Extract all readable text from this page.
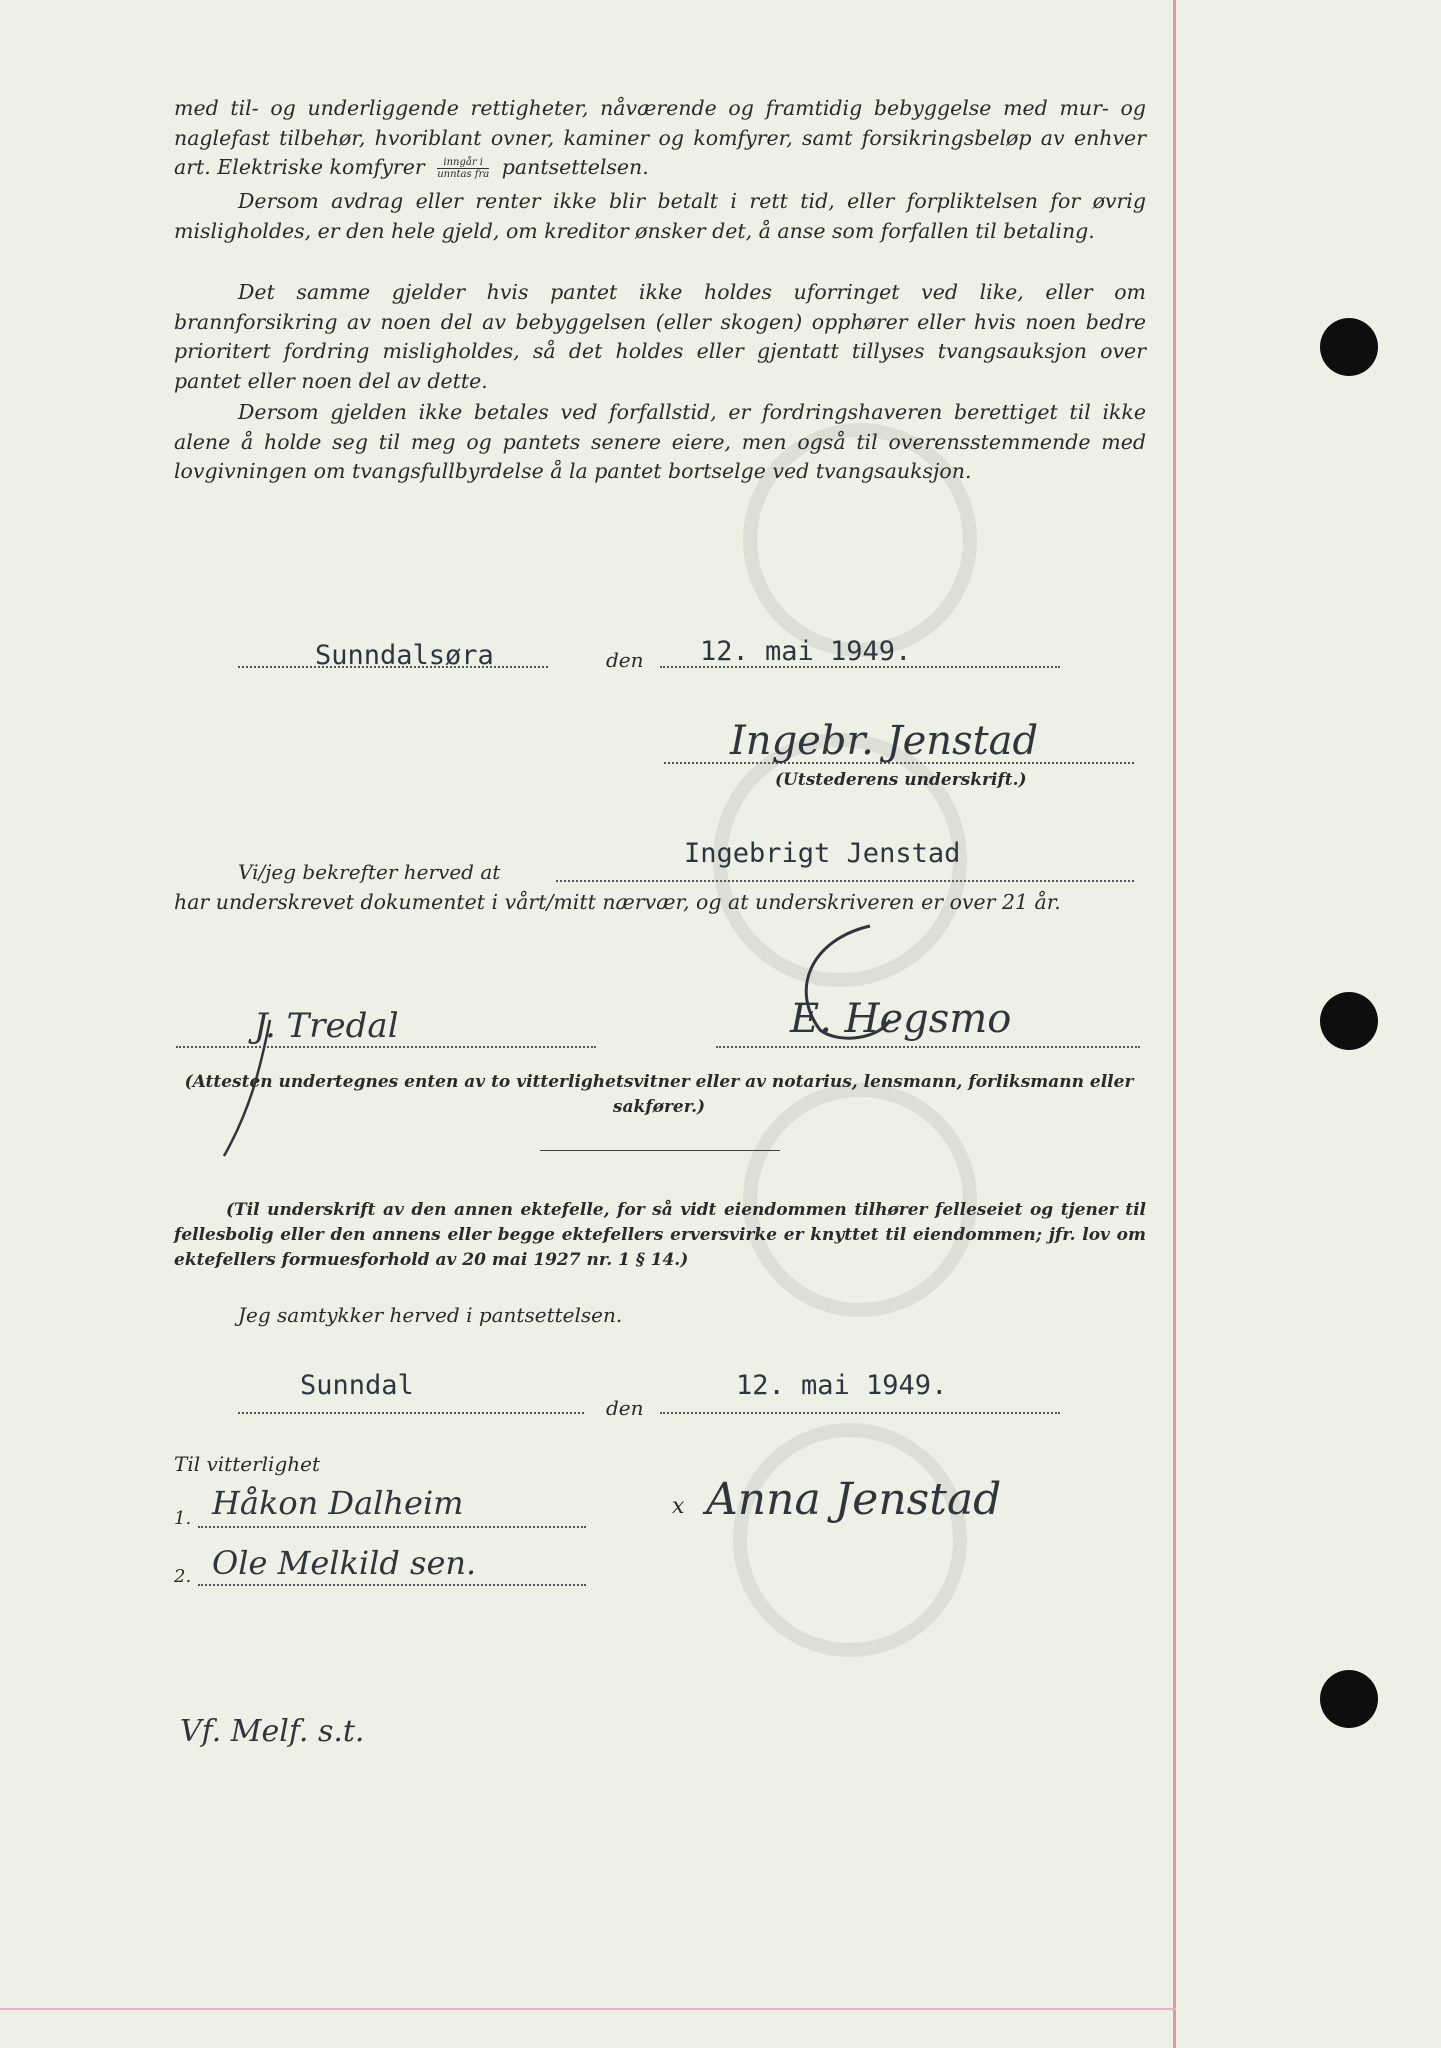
med til- og underliggende rettigheter, nåværende og framtidig bebyggelse med mur- og naglefast tilbehør, hvoriblant ovner, kaminer og komfyrer, samt forsikringsbeløp av enhver art. Elektriske komfyrer $\frac{\text{inngår i}}{\text{unntas fra}}$ pantsettelsen.

Dersom avdrag eller renter ikke blir betalt i rett tid, eller forpliktelsen for øvrig misligholdes, er den hele gjeld, om kreditor ønsker det, å anse som forfallen til betaling.

Det samme gjelder hvis pantet ikke holdes uforringet ved like, eller om brannforsikring av noen del av bebyggelsen (eller skogen) opphører eller hvis noen bedre prioritert fordring misligholdes, så det holdes eller gjentatt tillyses tvangsauksjon over pantet eller noen del av dette.

Dersom gjelden ikke betales ved forfallstid, er fordringshaveren berettiget til ikke alene å holde seg til meg og pantets senere eiere, men også til overensstemmende med lovgivningen om tvangsfullbyrdelse å la pantet bortselge ved tvangsauksjon.

Sunndalsøra	den 12. mai 1949.
Ingebr. Jenstad
(Utstederens underskrift.)
Vi/jeg bekrefter herved at
Ingebrigt Jenstad

har underskrevet dokumentet i vårt/mitt nærvær, og at underskriveren er over 21 år.

J. Tredal	E. Hegsmo

(Attesten undertegnes enten av to vitterlighetsvitner eller av notarius, lensmann, forliksmann eller sakfører.)

(Til underskrift av den annen ektefelle, for så vidt eiendommen tilhører felleseiet og tjener til fellesbolig eller den annens eller begge ektefellers erversvirke er knyttet til eiendommen; jfr. lov om ektefellers formuesforhold av 20 mai 1927 nr. 1 § 14.)

Jeg samtykker herved i pantsettelsen.
Sunndal
den
12. mai 1949.
Til vitterlighet
1. Håkon Dalheim
2. Ole Melkild sen.
x Anna Jenstad
Vf. Melf. s.t.
